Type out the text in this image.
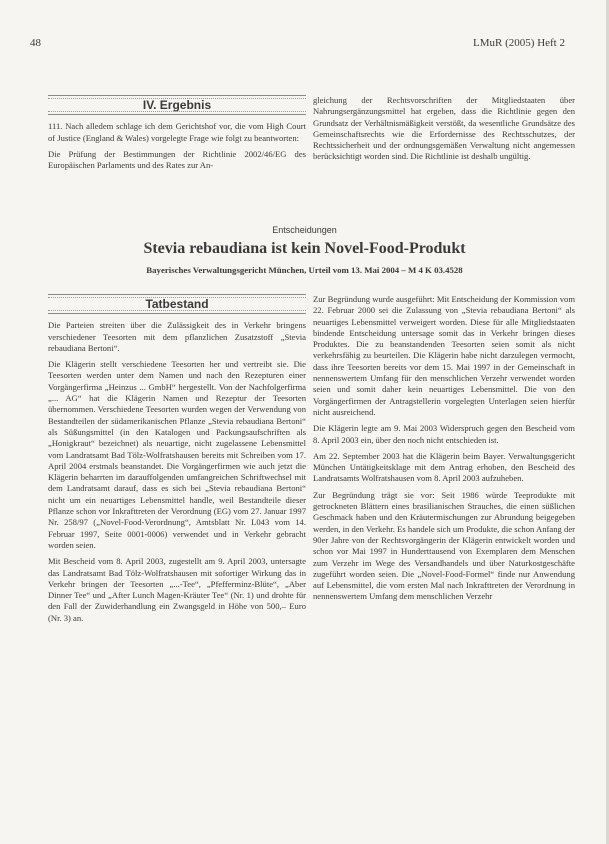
48	LMuR (2005) Heft 2
IV. Ergebnis

111. Nach alledem schlage ich dem Gerichtshof vor, die vom High Court of Justice (England & Wales) vorgelegte Frage wie folgt zu beantworten:

Die Prüfung der Bestimmungen der Richtlinie 2002/46/EG des Europäischen Parlaments und des Rates zur An-

gleichung der Rechtsvorschriften der Mitgliedstaaten über Nahrungsergänzungsmittel hat ergeben, dass die Richtlinie gegen den Grundsatz der Verhältnismäßigkeit verstößt, da wesentliche Grundsätze des Gemeinschaftsrechts wie die Erfordernisse des Rechtsschutzes, der Rechtssicherheit und der ordnungsgemäßen Verwaltung nicht angemessen berücksichtigt worden sind. Die Richtlinie ist deshalb ungültig.

Entscheidungen
Stevia rebaudiana ist kein Novel-Food-Produkt
Bayerisches Verwaltungsgericht München, Urteil vom 13. Mai 2004 – M 4 K 03.4528
Tatbestand

Die Parteien streiten über die Zulässigkeit des in Verkehr bringens verschiedener Teesorten mit dem pflanzlichen Zusatzstoff „Stevia rebaudiana Bertoni“.

Die Klägerin stellt verschiedene Teesorten her und vertreibt sie. Die Teesorten werden unter dem Namen und nach den Rezepturen einer Vorgängerfirma „Heinzus ... GmbH“ hergestellt. Von der Nachfolgerfirma „... AG“ hat die Klägerin Namen und Rezeptur der Teesorten übernommen. Verschiedene Teesorten wurden wegen der Verwendung von Bestandteilen der südamerikanischen Pflanze „Stevia rebaudiana Bertoni“ als Süßungsmittel (in den Katalogen und Packungsaufschriften als „Honigkraut“ bezeichnet) als neuartige, nicht zugelassene Lebensmittel vom Landratsamt Bad Tölz-Wolfratshausen bereits mit Schreiben vom 17. April 2004 erstmals beanstandet. Die Vorgängerfirmen wie auch jetzt die Klägerin beharrten im darauffolgenden umfangreichen Schriftwechsel mit dem Landratsamt darauf, dass es sich bei „Stevia rebaudiana Bertoni“ nicht um ein neuartiges Lebensmittel handle, weil Bestandteile dieser Pflanze schon vor Inkrafttreten der Verordnung (EG) vom 27. Januar 1997 Nr. 258/97 („Novel-Food-Verordnung“, Amtsblatt Nr. L043 vom 14. Februar 1997, Seite 0001-0006) verwendet und in Verkehr gebracht worden seien.

Mit Bescheid vom 8. April 2003, zugestellt am 9. April 2003, untersagte das Landratsamt Bad Tölz-Wolfratshausen mit sofortiger Wirkung das in Verkehr bringen der Teesorten „...-Tee“, „Pfefferminz-Blüte“, „Aber Dinner Tee“ und „After Lunch Magen-Kräuter Tee“ (Nr. 1) und drohte für den Fall der Zuwiderhandlung ein Zwangsgeld in Höhe von 500,– Euro (Nr. 3) an.

Zur Begründung wurde ausgeführt: Mit Entscheidung der Kommission vom 22. Februar 2000 sei die Zulassung von „Stevia rebaudiana Bertoni“ als neuartiges Lebensmittel verweigert worden. Diese für alle Mitgliedstaaten bindende Entscheidung untersage somit das in Verkehr bringen dieses Produktes. Die zu beanstandenden Teesorten seien somit als nicht verkehrsfähig zu beurteilen. Die Klägerin habe nicht darzulegen vermocht, dass ihre Teesorten bereits vor dem 15. Mai 1997 in der Gemeinschaft in nennenswertem Umfang für den menschlichen Verzehr verwendet worden seien und somit daher kein neuartiges Lebensmittel. Die von den Vorgängerfirmen der Antragstellerin vorgelegten Unterlagen seien hierfür nicht ausreichend.

Die Klägerin legte am 9. Mai 2003 Widerspruch gegen den Bescheid vom 8. April 2003 ein, über den noch nicht entschieden ist.

Am 22. September 2003 hat die Klägerin beim Bayer. Verwaltungsgericht München Untätigkeitsklage mit dem Antrag erhoben, den Bescheid des Landratsamts Wolfratshausen vom 8. April 2003 aufzuheben.

Zur Begründung trägt sie vor: Seit 1986 würde Teeprodukte mit getrockneten Blättern eines brasilianischen Strauches, die einen süßlichen Geschmack haben und den Kräutermischungen zur Abrundung beigegeben werden, in den Verkehr. Es handele sich um Produkte, die schon Anfang der 90er Jahre von der Rechtsvorgängerin der Klägerin entwickelt worden und schon vor Mai 1997 in Hunderttausend von Exemplaren dem Menschen zum Verzehr im Wege des Versandhandels und über Naturkostgeschäfte zugeführt worden seien. Die „Novel-Food-Formel“ finde nur Anwendung auf Lebensmittel, die vom ersten Mal nach Inkrafttreten der Verordnung in nennenswertem Umfang dem menschlichen Verzehr
